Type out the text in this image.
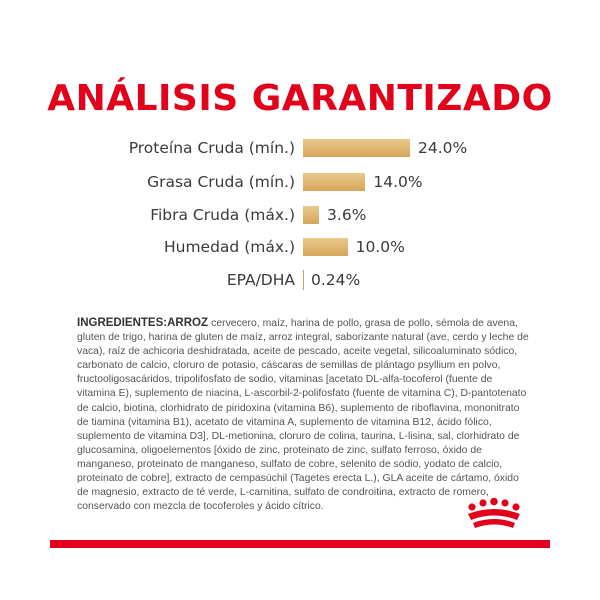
ANÁLISIS GARANTIZADO
Proteína Cruda (mín.)	24.0%
Grasa Cruda (mín.)	14.0%
Fibra Cruda (máx.) 3.6%
Humedad (máx.)	10.0%
EPA/DHA 0.24%
INGREDIENTES:ARROZ cervecero, maíz, harina de pollo, grasa de pollo, sémola de avena, gluten de trigo, harina de gluten de maíz, arroz integral, saborizante natural (ave, cerdo y leche de vaca), raíz de achicoria deshidratada, aceite de pescado, aceite vegetal, silicoaluminato sódico, carbonato de calcio, cloruro de potasio, cáscaras de semillas de plántago psyllium en polvo, fructooligosacáridos, tripolifosfato de sodio, vitaminas [acetato DL-alfa-tocoferol (fuente de vitamina E), suplemento de niacina, L-ascorbil-2-polifosfato (fuente de vitamina C), D-pantotenato de calcio, biotina, clorhidrato de piridoxina (vitamina B6), suplemento de riboflavina, mononitrato de tiamina (vitamina B1), acetato de vitamina A, suplemento de vitamina B12, ácido fólico, suplemento de vitamina D3], DL-metionina, cloruro de colina, taurina, L-lisina, sal, clorhidrato de glucosamina, oligoelementos [óxido de zinc, proteinato de zinc, sulfato ferroso, óxido de manganeso, proteinato de manganeso, sulfato de cobre, selenito de sodio, yodato de calcio, proteinato de cobre], extracto de cempasúchil (Tagetes erecta L.), GLA aceite de cártamo, óxido de magnesio, extracto de té verde, L-carnitina, sulfato de condroitina, extracto de romero, conservado con mezcla de tocoferoles y ácido cítrico.
